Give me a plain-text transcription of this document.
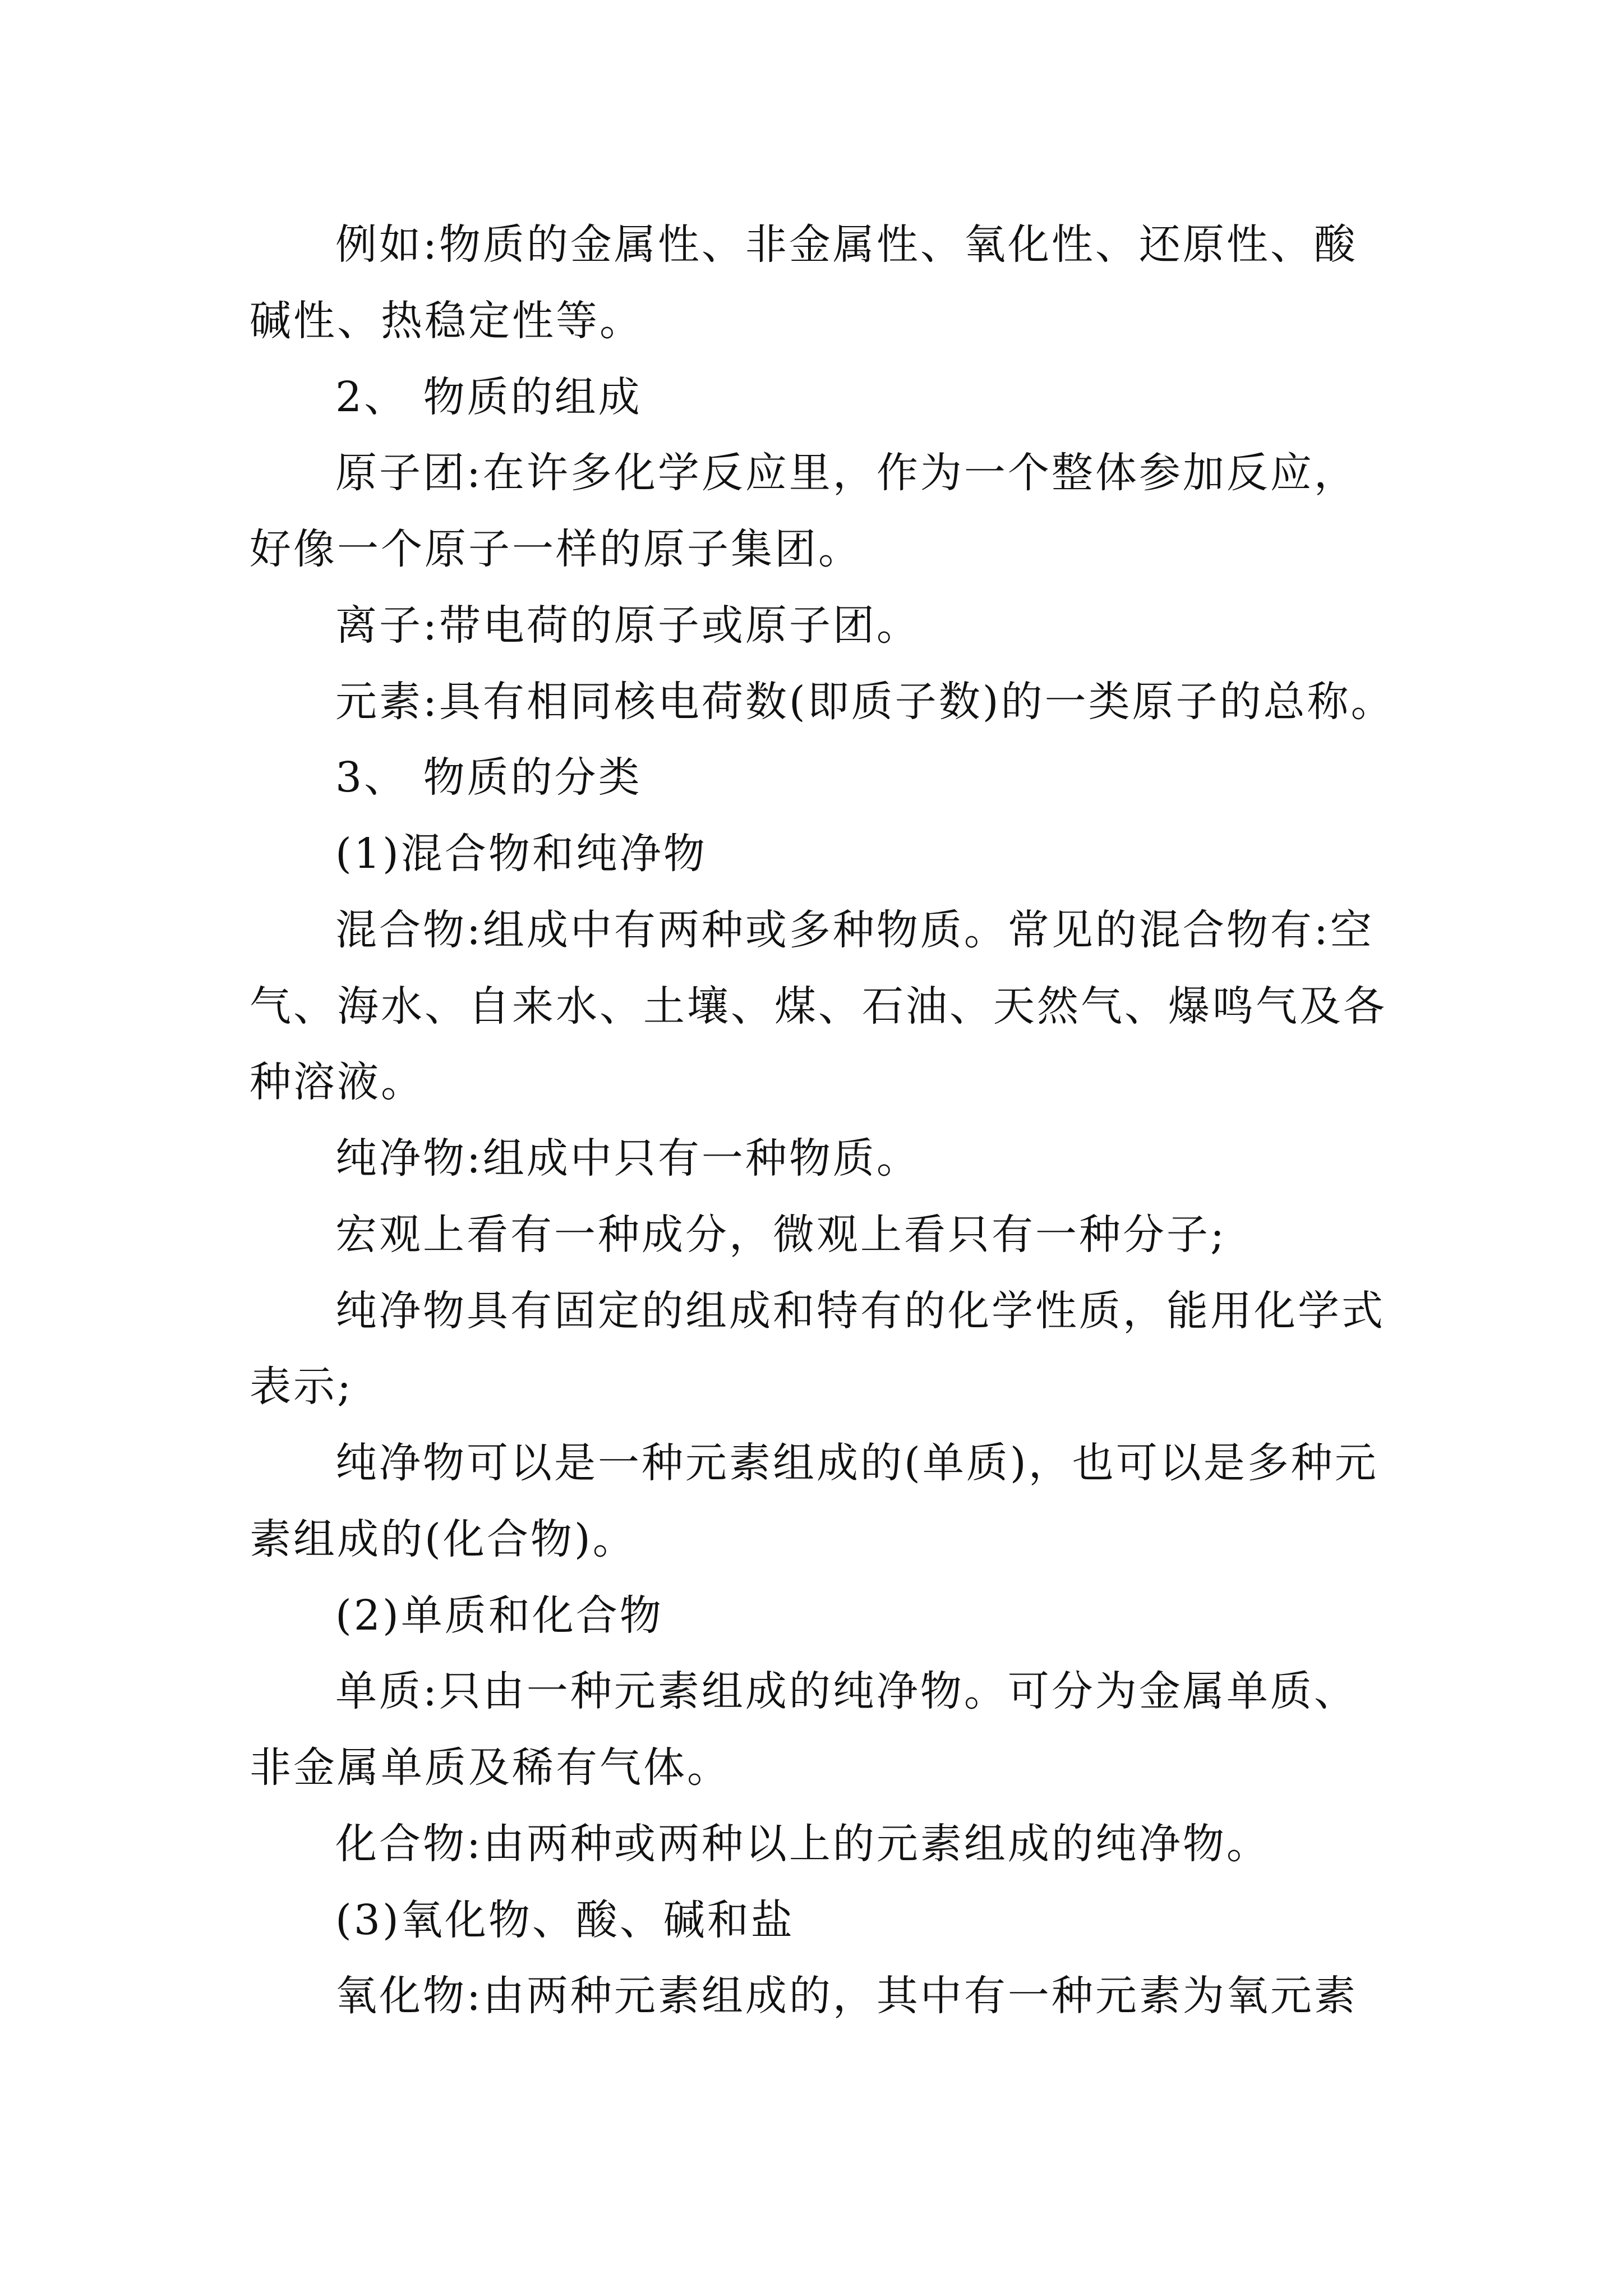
例如:物质的金属性、非金属性、氧化性、还原性、酸

碱性、热稳定性等。

2、 物质的组成

原子团:在许多化学反应里，作为一个整体参加反应，

好像一个原子一样的原子集团。

离子:带电荷的原子或原子团。

元素:具有相同核电荷数(即质子数)的一类原子的总称。

3、 物质的分类

(1)混合物和纯净物

混合物:组成中有两种或多种物质。常见的混合物有:空

气、海水、自来水、土壤、煤、石油、天然气、爆鸣气及各

种溶液。

纯净物:组成中只有一种物质。

宏观上看有一种成分，微观上看只有一种分子;

纯净物具有固定的组成和特有的化学性质，能用化学式

表示;

纯净物可以是一种元素组成的(单质)，也可以是多种元

素组成的(化合物)。

(2)单质和化合物

单质:只由一种元素组成的纯净物。可分为金属单质、

非金属单质及稀有气体。

化合物:由两种或两种以上的元素组成的纯净物。

(3)氧化物、酸、碱和盐

氧化物:由两种元素组成的，其中有一种元素为氧元素
